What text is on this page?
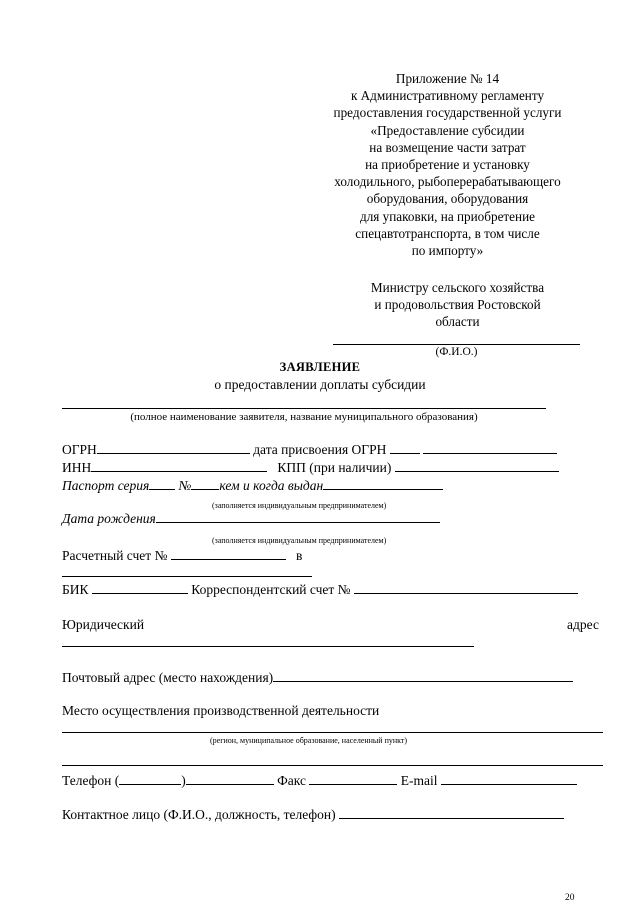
Приложение № 14
к Административному регламенту
предоставления государственной услуги
«Предоставление субсидии
на возмещение части затрат
на приобретение и установку
холодильного, рыбоперерабатывающего
оборудования, оборудования
для упаковки, на приобретение
спецавтотранспорта, в том числе
по импорту»
Министру сельского хозяйства
и продовольствия Ростовской
области
(Ф.И.О.)
ЗАЯВЛЕНИЕ
о предоставлении доплаты субсидии
(полное наименование заявителя, название муниципального образования)
ОГРН	дата присвоения ОГРН
ИНН	КПП (при наличии)
Паспорт серия № кем и когда выдан
(заполняется индивидуальным предпринимателем)
Дата рождения
(заполняется индивидуальным предпринимателем)
Расчетный счет №	в
БИК	Корреспондентский счет №
Юридический	адрес
Почтовый адрес (место нахождения)
Место осуществления производственной деятельности
(регион, муниципальное образование, населенный пункт)
Телефон (	)	Факс	E-mail
Контактное лицо (Ф.И.О., должность, телефон)
20
